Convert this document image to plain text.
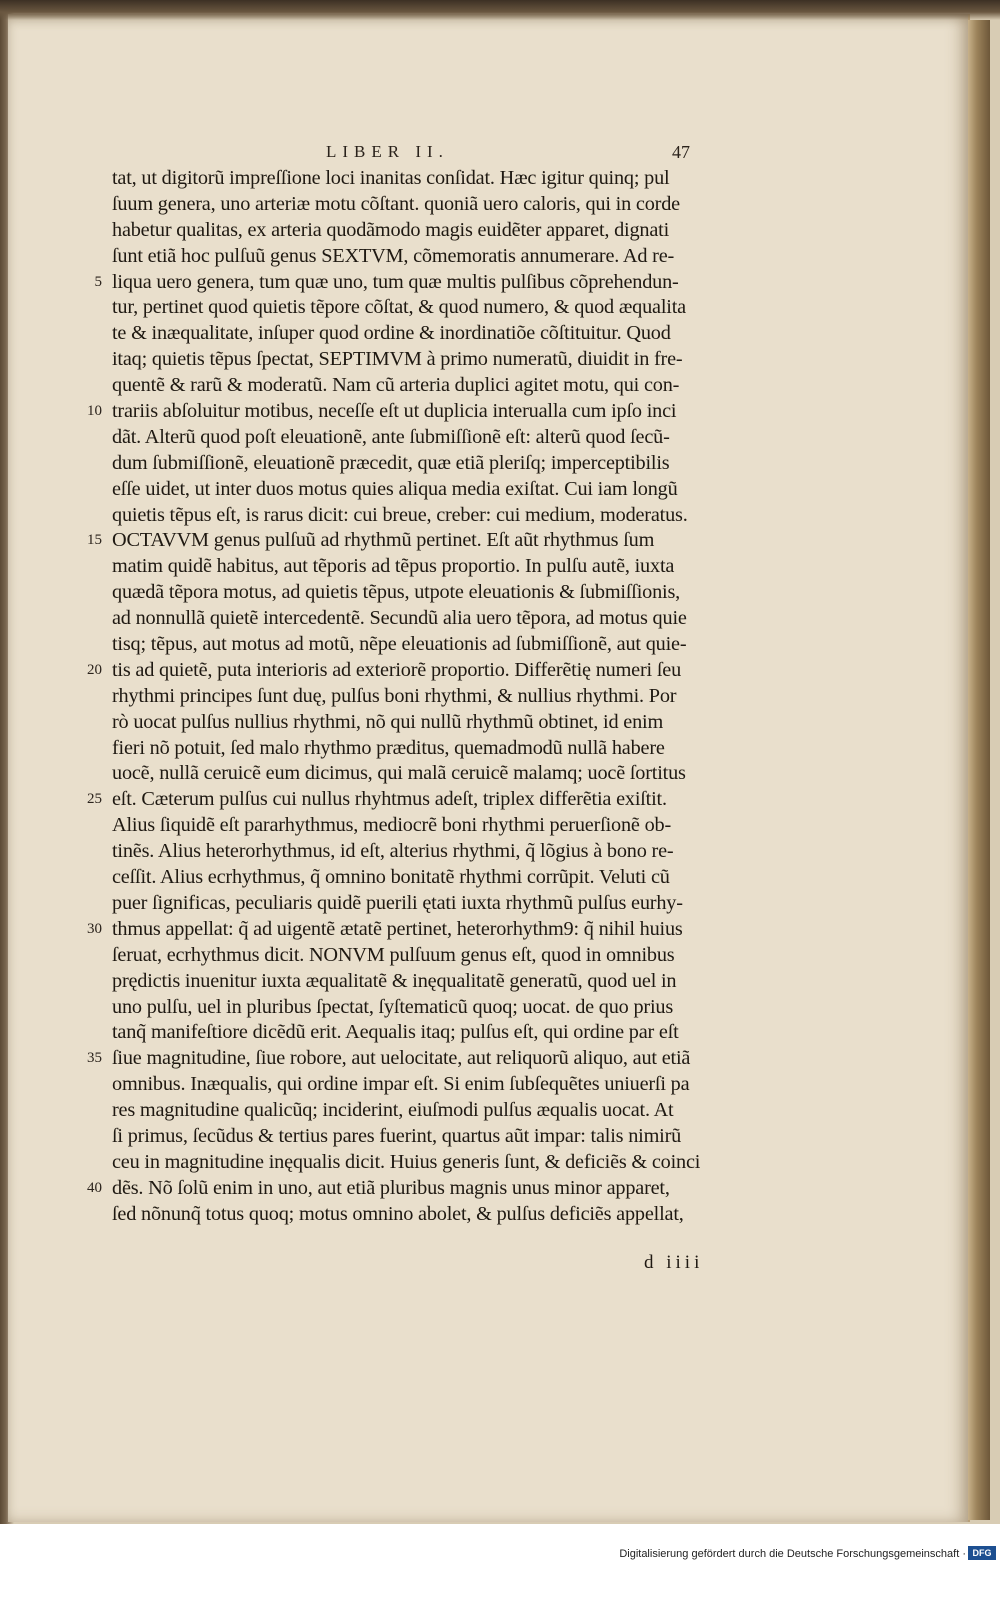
LIBER II.	47
tat, ut digitorũ impreſſione loci inanitas conſidat. Hæc igitur quinq; pul
ſuum genera, uno arteriæ motu cõſtant. quoniã uero caloris, qui in corde
habetur qualitas, ex arteria quodãmodo magis euidẽter apparet, dignati
ſunt etiã hoc pulſuũ genus SEXTVM, cõmemoratis annumerare. Ad re-
5 liqua uero genera, tum quæ uno, tum quæ multis pulſibus cõprehendun-
tur, pertinet quod quietis tẽpore cõſtat, & quod numero, & quod æqualita
te & inæqualitate, inſuper quod ordine & inordinatiõe cõſtituitur. Quod
itaq; quietis tẽpus ſpectat, SEPTIMVM à primo numeratũ, diuidit in fre-
quentẽ & rarũ & moderatũ. Nam cũ arteria duplici agitet motu, qui con-
10 trariis abſoluitur motibus, neceſſe eſt ut duplicia interualla cum ipſo inci
dãt. Alterũ quod poſt eleuationẽ, ante ſubmiſſionẽ eſt: alterũ quod ſecũ-
dum ſubmiſſionẽ, eleuationẽ præcedit, quæ etiã pleriſq; imperceptibilis
eſſe uidet, ut inter duos motus quies aliqua media exiſtat. Cui iam longũ
quietis tẽpus eſt, is rarus dicit: cui breue, creber: cui medium, moderatus.
15 OCTAVVM genus pulſuũ ad rhythmũ pertinet. Eſt aũt rhythmus ſum
matim quidẽ habitus, aut tẽporis ad tẽpus proportio. In pulſu autẽ, iuxta
quædã tẽpora motus, ad quietis tẽpus, utpote eleuationis & ſubmiſſionis,
ad nonnullã quietẽ intercedentẽ. Secundũ alia uero tẽpora, ad motus quie
tisq; tẽpus, aut motus ad motũ, nẽpe eleuationis ad ſubmiſſionẽ, aut quie-
20 tis ad quietẽ, puta interioris ad exteriorẽ proportio. Differẽtię numeri ſeu
rhythmi principes ſunt duę, pulſus boni rhythmi, & nullius rhythmi. Por
rò uocat pulſus nullius rhythmi, nõ qui nullũ rhythmũ obtinet, id enim
fieri nõ potuit, ſed malo rhythmo præditus, quemadmodũ nullã habere
uocẽ, nullã ceruicẽ eum dicimus, qui malã ceruicẽ malamq; uocẽ ſortitus
25 eſt. Cæterum pulſus cui nullus rhyhtmus adeſt, triplex differẽtia exiſtit.
Alius ſiquidẽ eſt pararhythmus, mediocrẽ boni rhythmi peruerſionẽ ob-
tinẽs. Alius heterorhythmus, id eſt, alterius rhythmi, q̃ lõgius à bono re-
ceſſit. Alius ecrhythmus, q̃ omnino bonitatẽ rhythmi corrũpit. Veluti cũ
puer ſignificas, peculiaris quidẽ puerili ętati iuxta rhythmũ pulſus eurhy-
30 thmus appellat: q̃ ad uigentẽ ætatẽ pertinet, heterorhythm9: q̃ nihil huius
ſeruat, ecrhythmus dicit. NONVM pulſuum genus eſt, quod in omnibus
prędictis inuenitur iuxta æqualitatẽ & inęqualitatẽ generatũ, quod uel in
uno pulſu, uel in pluribus ſpectat, ſyſtematicũ quoq; uocat. de quo prius
tanq̃ manifeſtiore dicẽdũ erit. Aequalis itaq; pulſus eſt, qui ordine par eſt
35 ſiue magnitudine, ſiue robore, aut uelocitate, aut reliquorũ aliquo, aut etiã
omnibus. Inæqualis, qui ordine impar eſt. Si enim ſubſequẽtes uniuerſi pa
res magnitudine qualicũq; inciderint, eiuſmodi pulſus æqualis uocat. At
ſi primus, ſecũdus & tertius pares fuerint, quartus aũt impar: talis nimirũ
ceu in magnitudine inęqualis dicit. Huius generis ſunt, & deficiẽs & coinci
40 dẽs. Nõ ſolũ enim in uno, aut etiã pluribus magnis unus minor apparet,
ſed nõnunq̃ totus quoq; motus omnino abolet, & pulſus deficiẽs appellat,
d iiii
Digitalisierung gefördert durch die Deutsche Forschungsgemeinschaft · DFG
